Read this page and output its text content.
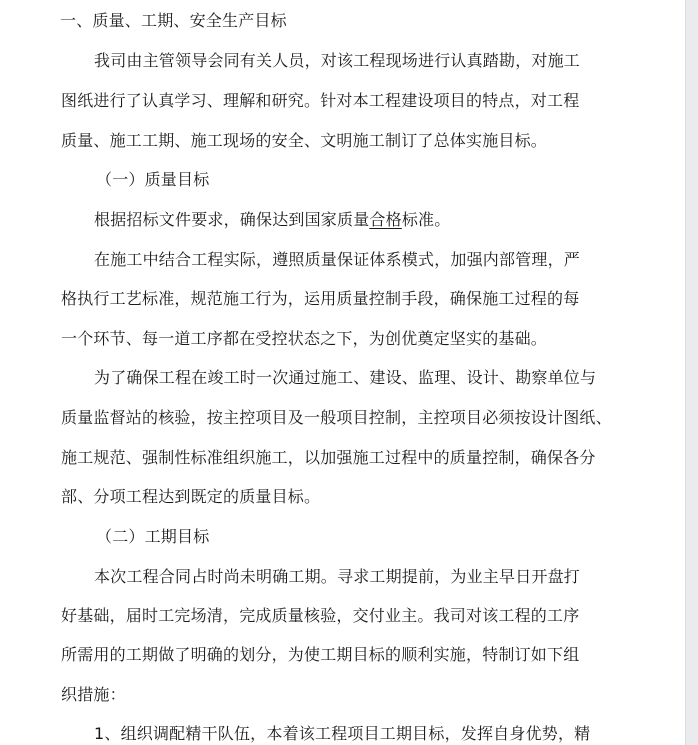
一、质量、工期、安全生产目标
我司由主管领导会同有关人员，对该工程现场进行认真踏勘，对施工
图纸进行了认真学习、理解和研究。针对本工程建设项目的特点，对工程
质量、施工工期、施工现场的安全、文明施工制订了总体实施目标。
（一）质量目标
根据招标文件要求，确保达到国家质量合格标准。
在施工中结合工程实际，遵照质量保证体系模式，加强内部管理，严
格执行工艺标准，规范施工行为，运用质量控制手段，确保施工过程的每
一个环节、每一道工序都在受控状态之下，为创优奠定坚实的基础。
为了确保工程在竣工时一次通过施工、建设、监理、设计、勘察单位与
质量监督站的核验，按主控项目及一般项目控制，主控项目必须按设计图纸、
施工规范、强制性标准组织施工，以加强施工过程中的质量控制，确保各分
部、分项工程达到既定的质量目标。
（二）工期目标
本次工程合同占时尚未明确工期。寻求工期提前，为业主早日开盘打
好基础，届时工完场清，完成质量核验，交付业主。我司对该工程的工序
所需用的工期做了明确的划分，为使工期目标的顺利实施，特制订如下组
织措施：
1、组织调配精干队伍，本着该工程项目工期目标，发挥自身优势，精
